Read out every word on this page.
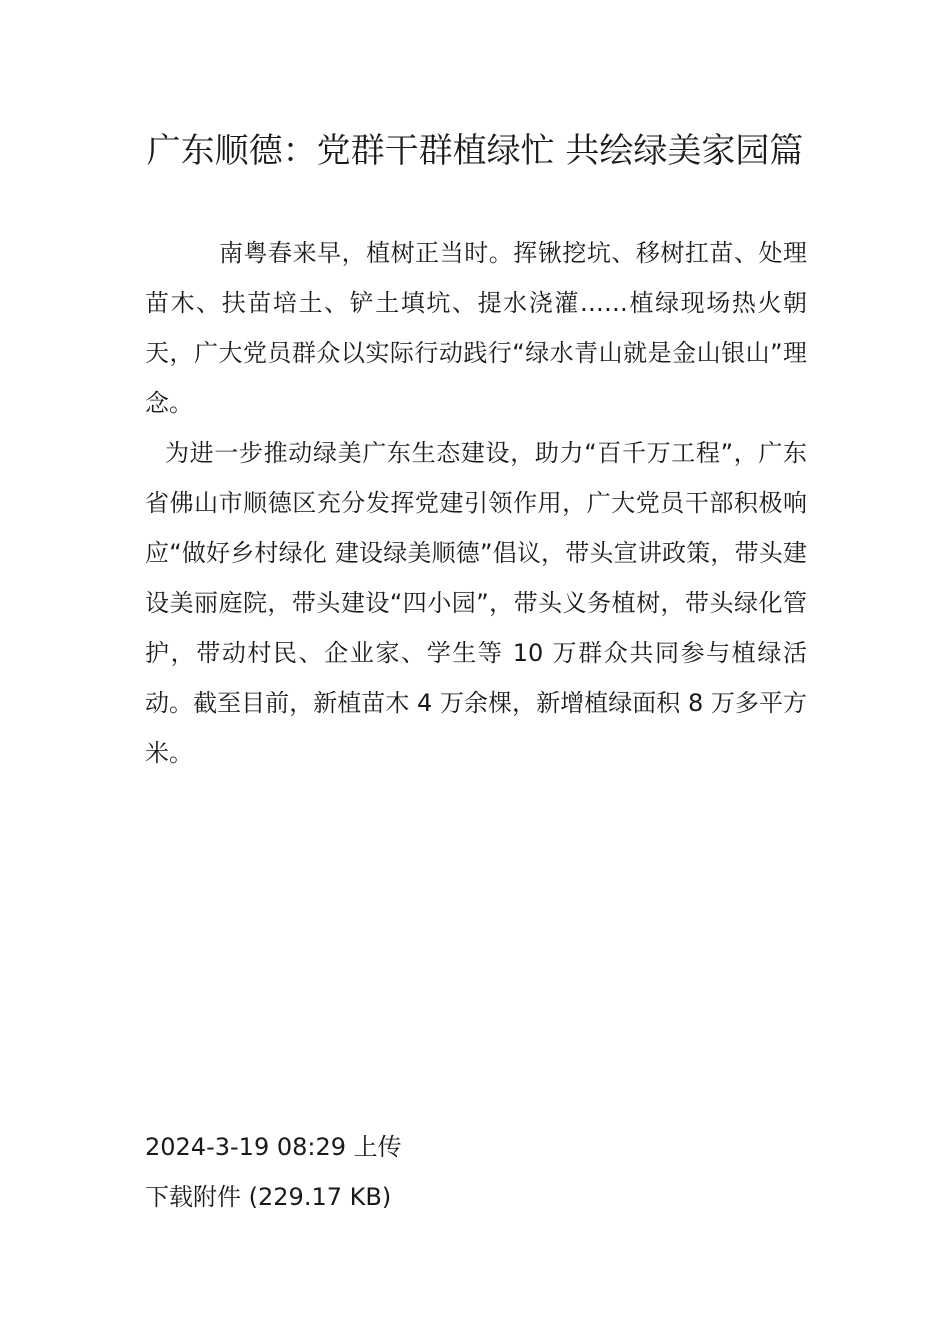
广东顺德：党群干群植绿忙 共绘绿美家园篇

南粤春来早，植树正当时。挥锹挖坑、移树扛苗、处理苗木、扶苗培土、铲土填坑、提水浇灌……植绿现场热火朝天，广大党员群众以实际行动践行“绿水青山就是金山银山”理念。

为进一步推动绿美广东生态建设，助力“百千万工程”，广东省佛山市顺德区充分发挥党建引领作用，广大党员干部积极响应“做好乡村绿化 建设绿美顺德”倡议，带头宣讲政策，带头建设美丽庭院，带头建设“四小园”，带头义务植树，带头绿化管护，带动村民、企业家、学生等 10 万群众共同参与植绿活动。截至目前，新植苗木 4 万余棵，新增植绿面积 8 万多平方米。

2024-3-19 08:29 上传

下载附件 (229.17 KB)
